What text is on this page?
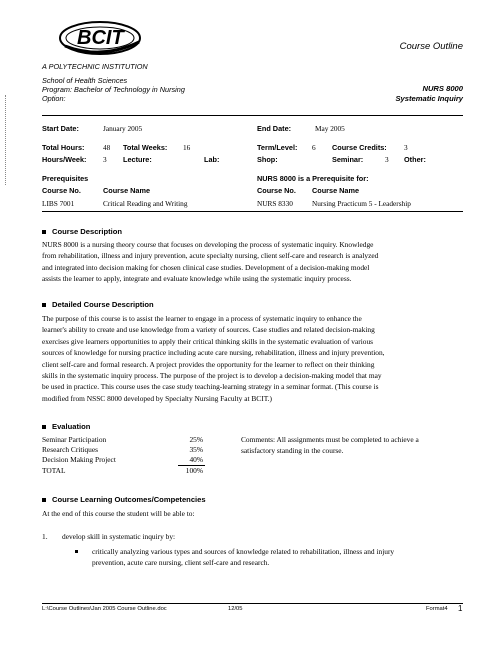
BCIT
A POLYTECHNIC INSTITUTION
Course Outline
School of Health Sciences
Program: Bachelor of Technology in Nursing
Option:
NURS 8000
Systematic Inquiry
Start Date:	January 2005	End Date:	May 2005
Total Hours:	48 Total Weeks: 16	Term/Level: 6 Course Credits: 3
Hours/Week: 3 Lecture:	Lab:	Shop:	Seminar:	3 Other:
Prerequisites
Course No.	Course Name
LIBS 7001	Critical Reading and Writing
NURS 8000 is a Prerequisite for:
Course No. Course Name
NURS 8330	Nursing Practicum 5 - Leadership
Course Description
NURS 8000 is a nursing theory course that focuses on developing the process of systematic inquiry. Knowledge
from rehabilitation, illness and injury prevention, acute specialty nursing, client self-care and research is analyzed
and integrated into decision making for chosen clinical case studies. Development of a decision-making model
assists the learner to apply, integrate and evaluate knowledge while using the systematic inquiry process.
Detailed Course Description
The purpose of this course is to assist the learner to engage in a process of systematic inquiry to enhance the
learner's ability to create and use knowledge from a variety of sources. Case studies and related decision-making
exercises give learners opportunities to apply their critical thinking skills in the systematic evaluation of various
sources of knowledge for nursing practice including acute care nursing, rehabilitation, illness and injury prevention,
client self-care and formal research. A project provides the opportunity for the learner to reflect on their thinking
skills in the systematic inquiry process. The purpose of the project is to develop a decision-making model that may
be used in practice. This course uses the case study teaching-learning strategy in a seminar format. (This course is
modified from NSSC 8000 developed by Specialty Nursing Faculty at BCIT.)
Evaluation
Seminar Participation	25%
Research Critiques	35%
Decision Making Project	40%
TOTAL	100%
Comments: All assignments must be completed to achieve a
satisfactory standing in the course.
Course Learning Outcomes/Competencies
At the end of this course the student will be able to:
1. develop skill in systematic inquiry by:
critically analyzing various types and sources of knowledge related to rehabilitation, illness and injury
prevention, acute care nursing, client self-care and research.
L:\Course Outlines\Jan 2005 Course Outline.doc	12/05	Format4 1
